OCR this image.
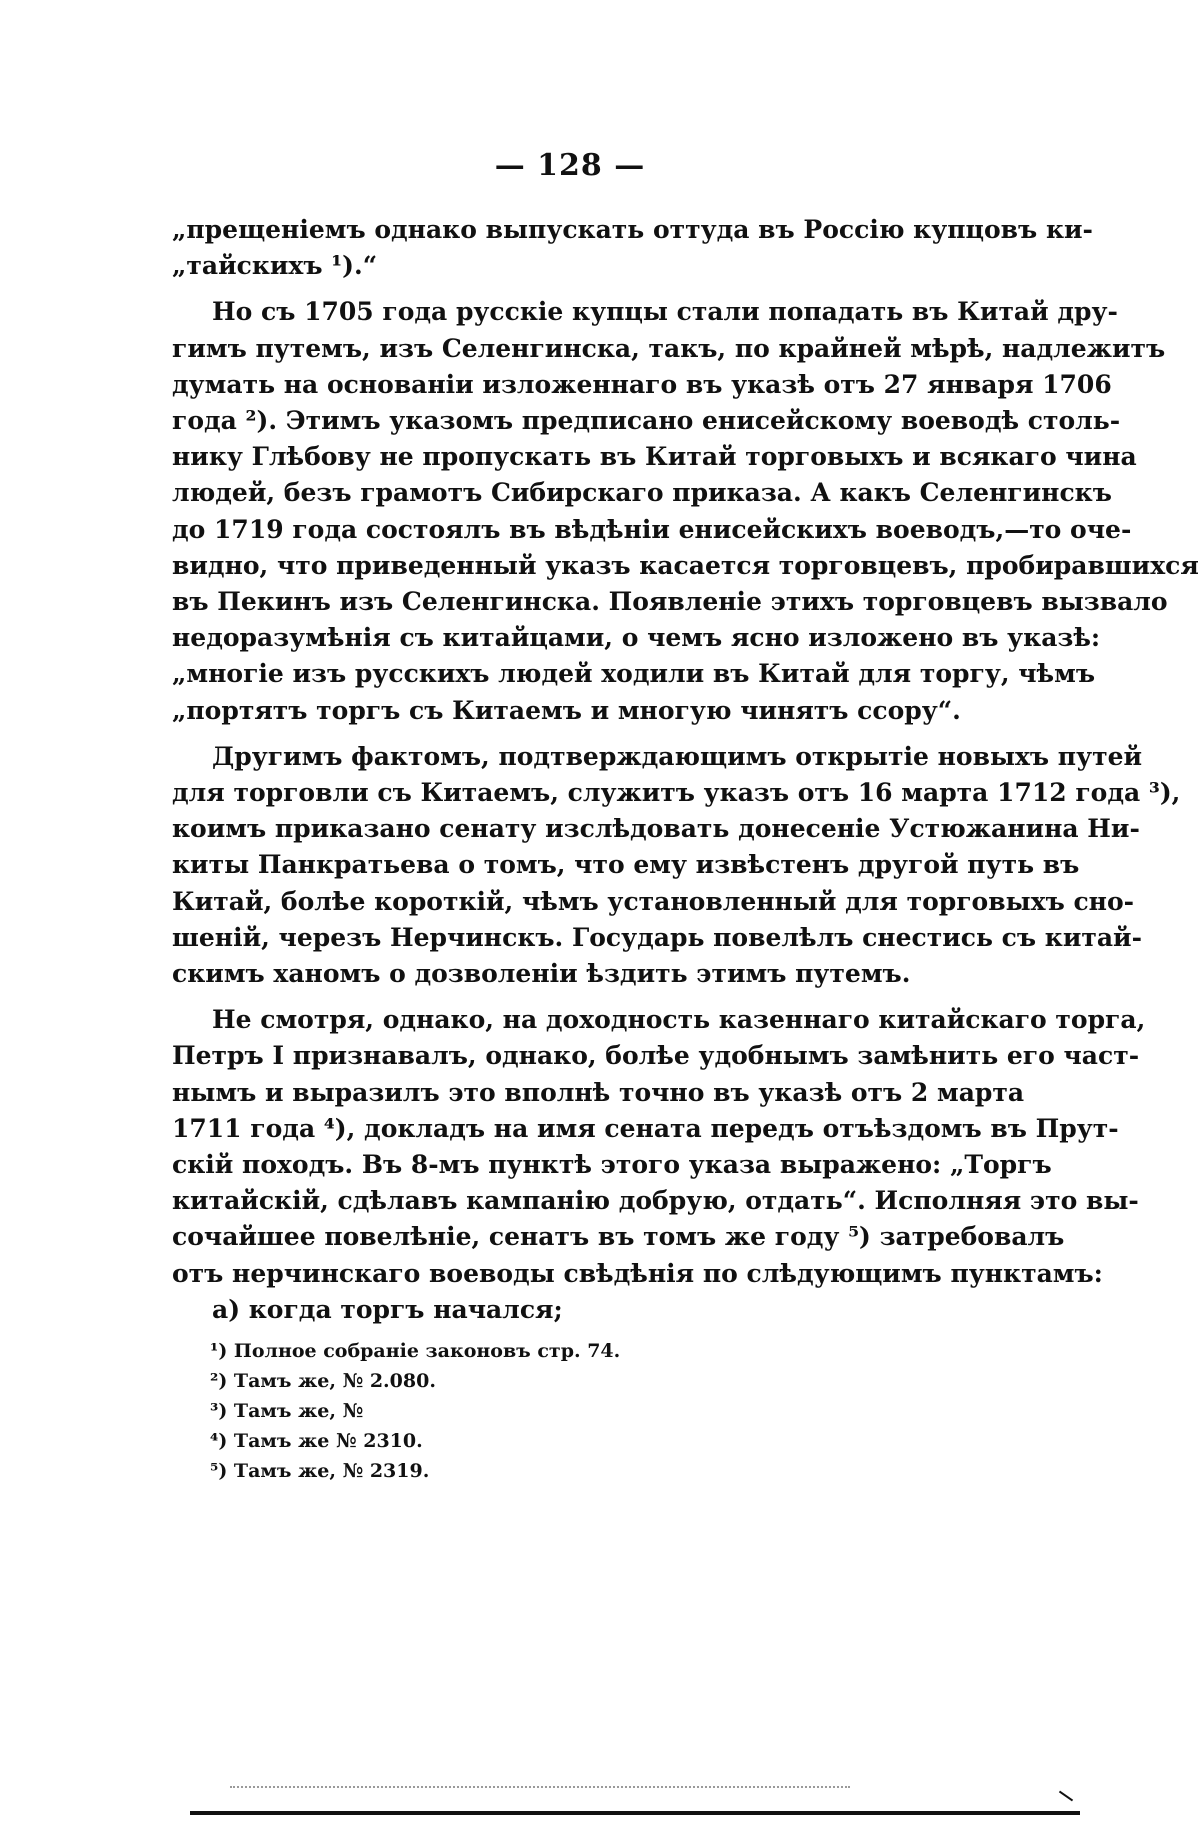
— 128 —
„прещеніемъ однако выпускать оттуда въ Россію купцовъ ки-
„тайскихъ ¹).“
Но съ 1705 года русскіе купцы стали попадать въ Китай дру-
гимъ путемъ, изъ Селенгинска, такъ, по крайней мѣрѣ, надлежитъ
думать на основаніи изложеннаго въ указѣ отъ 27 января 1706
года ²). Этимъ указомъ предписано енисейскому воеводѣ столь-
нику Глѣбову не пропускать въ Китай торговыхъ и всякаго чина
людей, безъ грамотъ Сибирскаго приказа. А какъ Селенгинскъ
до 1719 года состоялъ въ вѣдѣніи енисейскихъ воеводъ,—то оче-
видно, что приведенный указъ касается торговцевъ, пробиравшихся
въ Пекинъ изъ Селенгинска. Появленіе этихъ торговцевъ вызвало
недоразумѣнія съ китайцами, о чемъ ясно изложено въ указѣ:
„многіе изъ русскихъ людей ходили въ Китай для торгу, чѣмъ
„портятъ торгъ съ Китаемъ и многую чинятъ ссору“.
Другимъ фактомъ, подтверждающимъ открытіе новыхъ путей
для торговли съ Китаемъ, служитъ указъ отъ 16 марта 1712 года ³),
коимъ приказано сенату изслѣдовать донесеніе Устюжанина Ни-
киты Панкратьева о томъ, что ему извѣстенъ другой путь въ
Китай, болѣе короткій, чѣмъ установленный для торговыхъ сно-
шеній, черезъ Нерчинскъ. Государь повелѣлъ снестись съ китай-
скимъ ханомъ о дозволеніи ѣздить этимъ путемъ.
Не смотря, однако, на доходность казеннаго китайскаго торга,
Петръ I признавалъ, однако, болѣе удобнымъ замѣнить его част-
нымъ и выразилъ это вполнѣ точно въ указѣ отъ 2 марта
1711 года ⁴), докладъ на имя сената передъ отъѣздомъ въ Прут-
скій походъ. Въ 8-мъ пунктѣ этого указа выражено: „Торгъ
китайскій, сдѣлавъ кампанію добрую, отдать“. Исполняя это вы-
сочайшее повелѣніе, сенатъ въ томъ же году ⁵) затребовалъ
отъ нерчинскаго воеводы свѣдѣнія по слѣдующимъ пунктамъ:
а) когда торгъ начался;
¹) Полное собраніе законовъ стр. 74.
²) Тамъ же, № 2.080.
³) Тамъ же, №
⁴) Тамъ же № 2310.
⁵) Тамъ же, № 2319.
